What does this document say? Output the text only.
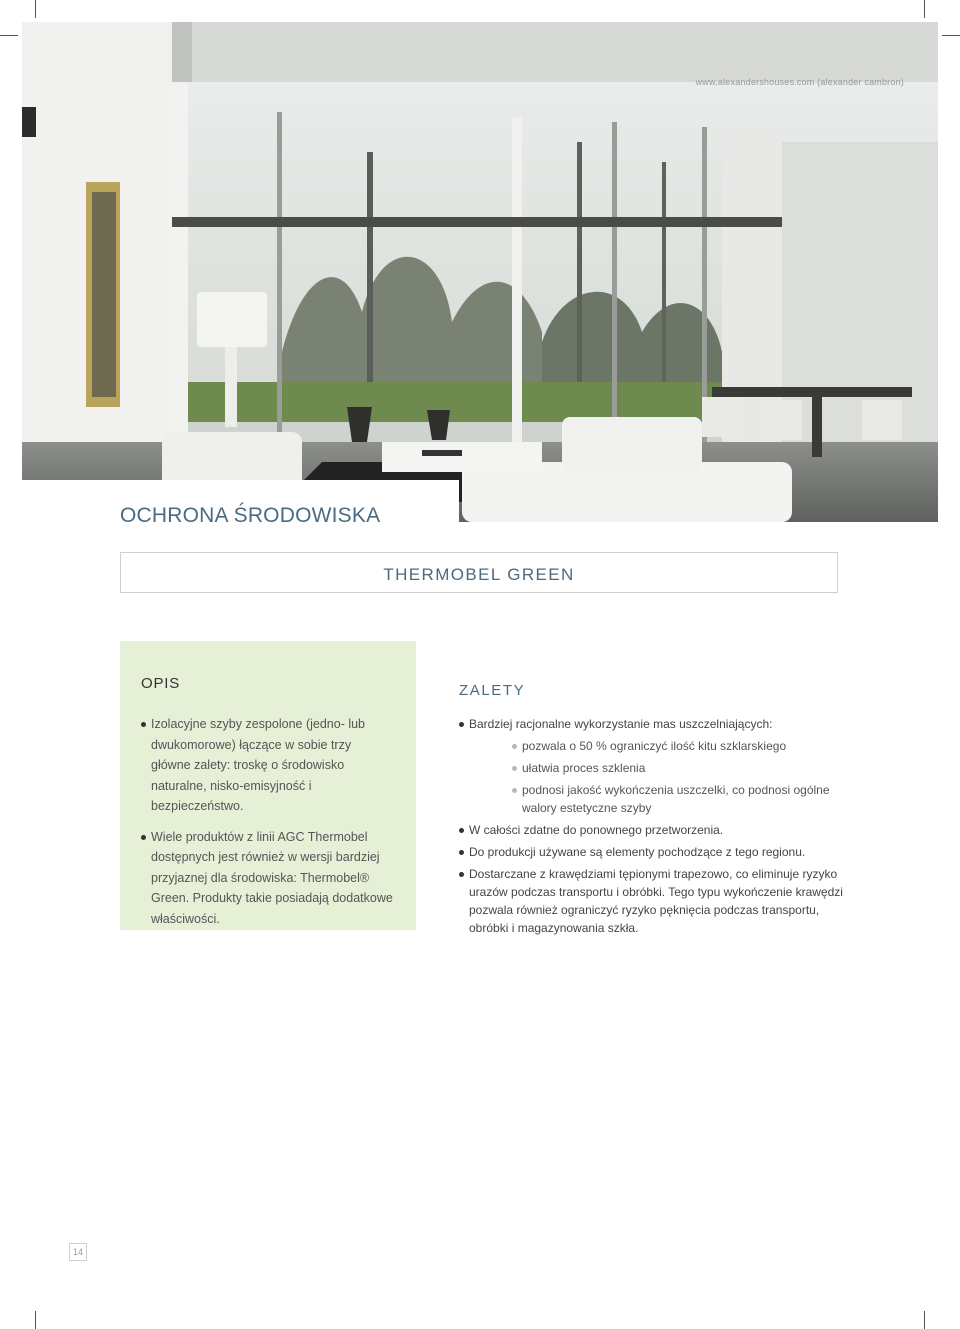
www.alexandershouses.com (alexander cambron)
OCHRONA ŚRODOWISKA
THERMOBEL GREEN
OPIS
Izolacyjne szyby zespolone (jedno- lub dwukomorowe) łączące w sobie trzy główne zalety: troskę o środowisko naturalne, nisko-emisyjność i bezpieczeństwo.
Wiele produktów z linii AGC Thermobel dostępnych jest również w wersji bardziej przyjaznej dla środowiska: Thermobel® Green. Produkty takie posiadają dodatkowe właściwości.
ZALETY
Bardziej racjonalne wykorzystanie mas uszczelniających:
pozwala o 50 % ograniczyć ilość kitu szklarskiego
ułatwia proces szklenia
podnosi jakość wykończenia uszczelki, co podnosi ogólne walory estetyczne szyby
W całości zdatne do ponownego przetworzenia.
Do produkcji używane są elementy pochodzące z tego regionu.
Dostarczane z krawędziami tępionymi trapezowo, co eliminuje ryzyko urazów podczas transportu i obróbki. Tego typu wykończenie krawędzi pozwala również ograniczyć ryzyko pęknięcia podczas transportu, obróbki i magazynowania szkła.
14
